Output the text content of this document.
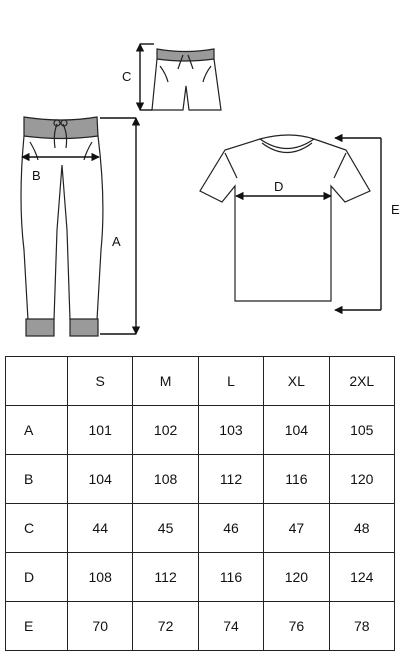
C
A
B
D
E
	S	M	L	XL	2XL
A	101	102	103	104	105
B	104	108	112	116	120
C	44	45	46	47	48
D	108	112	116	120	124
E	70	72	74	76	78
